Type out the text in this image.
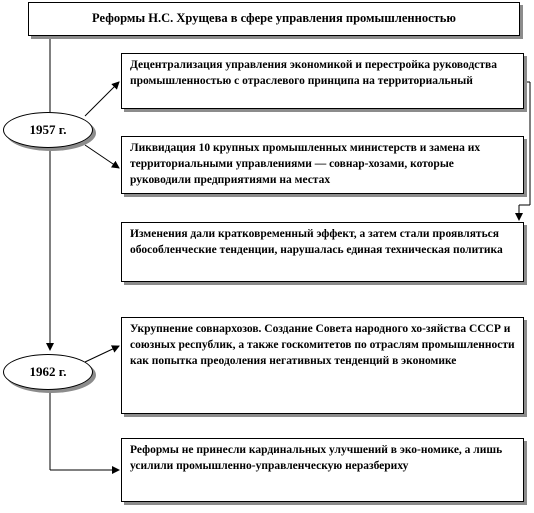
Реформы Н.С. Хрущева в сфере управления промышленностью
1957 г.
1962 г.
Децентрализация управления экономикой и перестройка руководства промышленностью с отраслевого принципа на территориальный
Ликвидация 10 крупных промышленных министерств и замена их территориальными управлениями — совнар-хозами, которые руководили предприятиями на местах
Изменения дали кратковременный эффект, а затем стали проявляться обособленческие тенденции, нарушалась единая техническая политика
Укрупнение совнархозов. Создание Совета народного хо-зяйства СССР и союзных республик, а также госкомитетов по отраслям промышленности как попытка преодоления негативных тенденций в экономике
Реформы не принесли кардинальных улучшений в эко-номике, а лишь усилили промышленно-управленческую неразбериху
